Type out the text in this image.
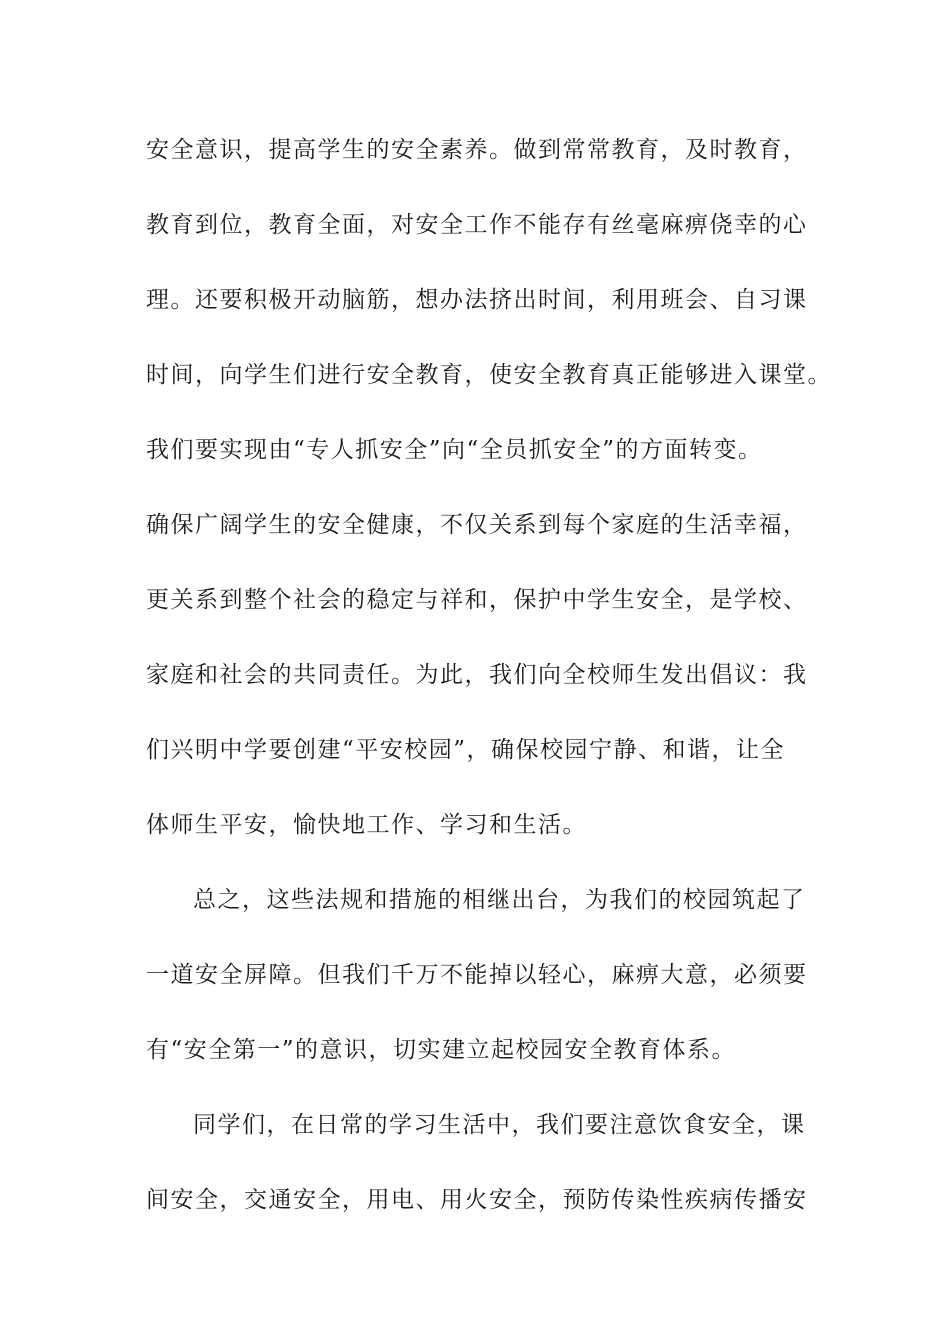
安全意识，提高学生的安全素养。做到常常教育，及时教育，

教育到位，教育全面，对安全工作不能存有丝毫麻痹侥幸的心

理。还要积极开动脑筋，想办法挤出时间，利用班会、自习课

时间，向学生们进行安全教育，使安全教育真正能够进入课堂。

我们要实现由“专人抓安全”向“全员抓安全”的方面转变。

确保广阔学生的安全健康，不仅关系到每个家庭的生活幸福，

更关系到整个社会的稳定与祥和，保护中学生安全，是学校、

家庭和社会的共同责任。为此，我们向全校师生发出倡议：我

们兴明中学要创建“平安校园”，确保校园宁静、和谐，让全

体师生平安，愉快地工作、学习和生活。

总之，这些法规和措施的相继出台，为我们的校园筑起了

一道安全屏障。但我们千万不能掉以轻心，麻痹大意，必须要

有“安全第一”的意识，切实建立起校园安全教育体系。

同学们，在日常的学习生活中，我们要注意饮食安全，课

间安全，交通安全，用电、用火安全，预防传染性疾病传播安
